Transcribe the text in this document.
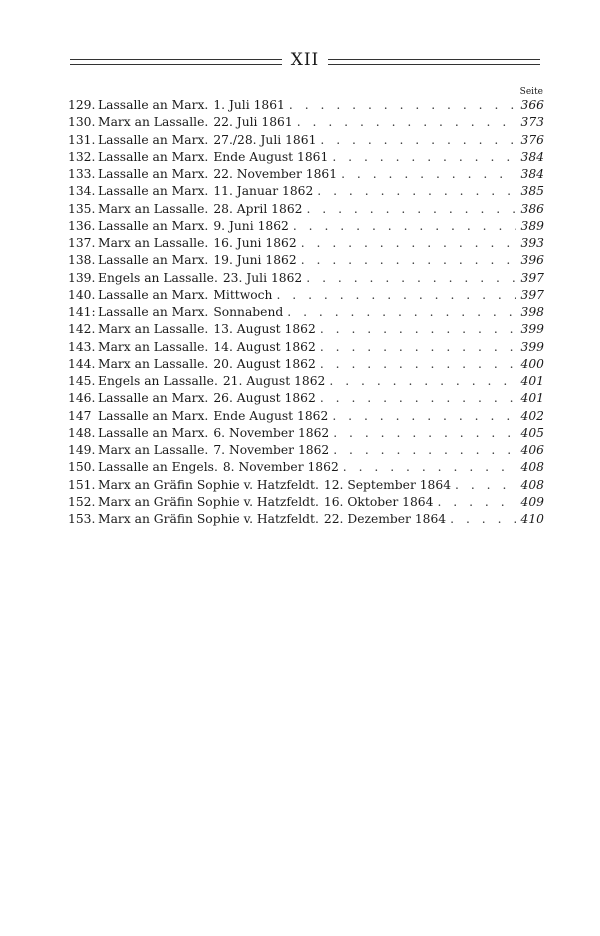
XII
Seite
129. Lassalle an Marx. 1. Juli 1861 . . .	366
130. Marx an Lassalle. 22. Juli 1861 . . .	373
131. Lassalle an Marx. 27./28. Juli 1861 . . .	376
132. Lassalle an Marx. Ende August 1861 . . .	384
133. Lassalle an Marx. 22. November 1861 . . .	384
134. Lassalle an Marx. 11. Januar 1862 . . .	385
135. Marx an Lassalle. 28. April 1862 . . .	386
136. Lassalle an Marx. 9. Juni 1862 . . .	389
137. Marx an Lassalle. 16. Juni 1862 . . .	393
138. Lassalle an Marx. 19. Juni 1862 . . .	396
139. Engels an Lassalle. 23. Juli 1862 . . .	397
140. Lassalle an Marx. Mittwoch . . .	397
141: Lassalle an Marx. Sonnabend . . .	398
142. Marx an Lassalle. 13. August 1862 . . .	399
143. Marx an Lassalle. 14. August 1862 . . .	399
144. Marx an Lassalle. 20. August 1862 . . .	400
145. Engels an Lassalle. 21. August 1862 . . .	401
146. Lassalle an Marx. 26. August 1862 . . .	401
147 Lassalle an Marx. Ende August 1862 . . .	402
148. Lassalle an Marx. 6. November 1862 . . .	405
149. Marx an Lassalle. 7. November 1862 . . .	406
150. Lassalle an Engels. 8. November 1862 . . .	408
151. Marx an Gräfin Sophie v. Hatzfeldt. 12. September 1864 . . .	408
152. Marx an Gräfin Sophie v. Hatzfeldt. 16. Oktober 1864 . . .	409
153. Marx an Gräfin Sophie v. Hatzfeldt. 22. Dezember 1864 . . .	410
